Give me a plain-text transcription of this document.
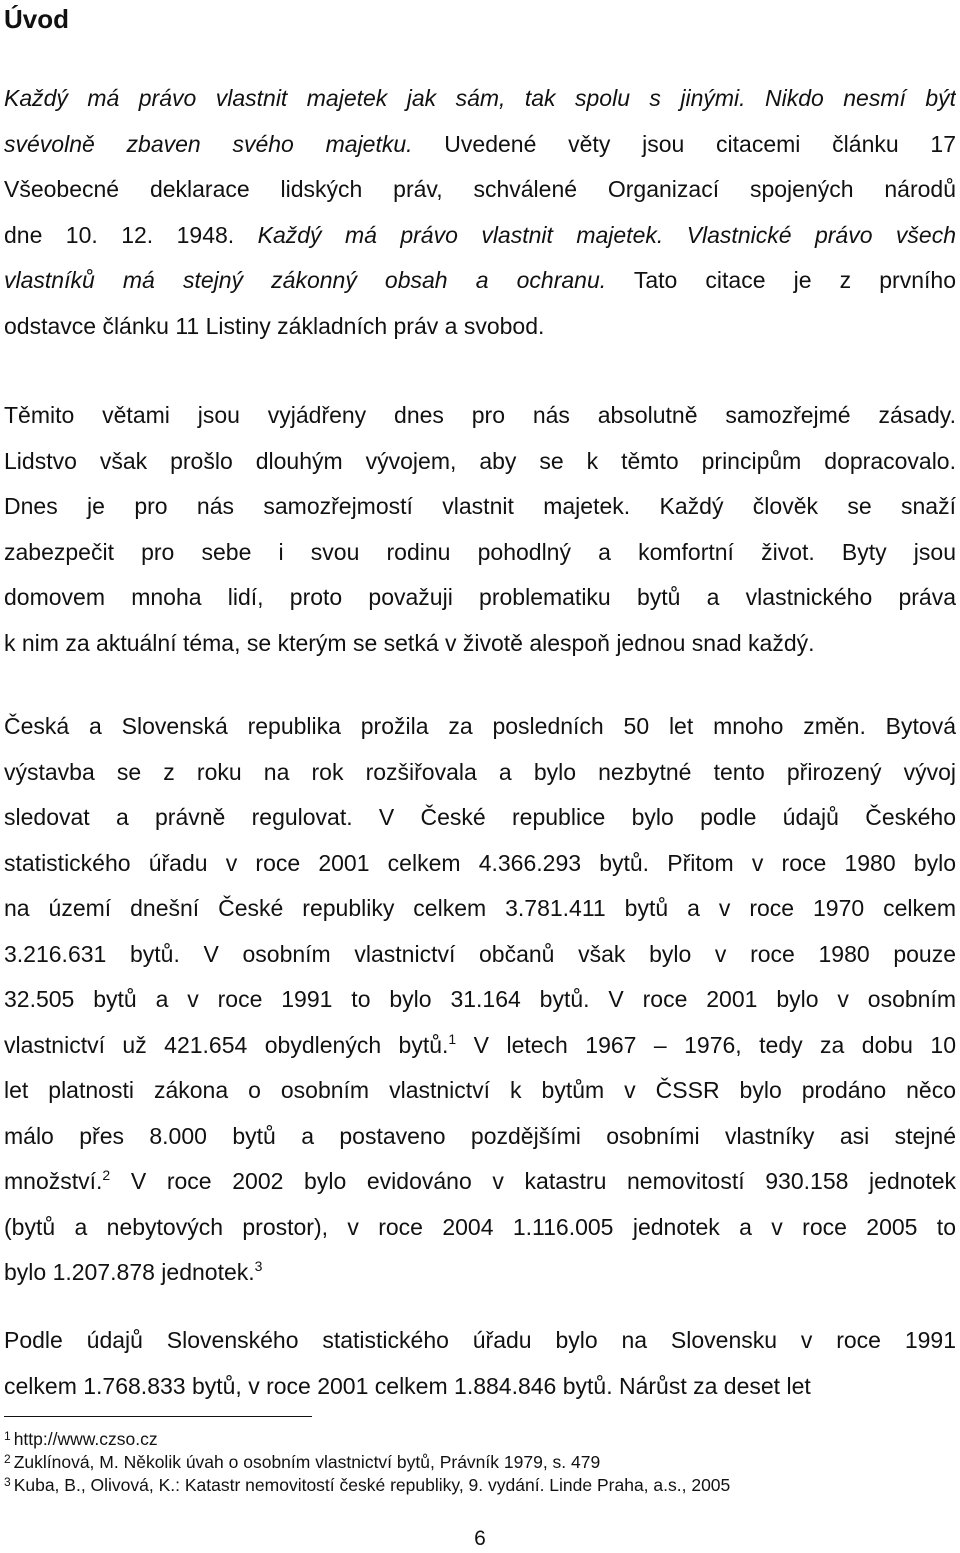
Úvod
Každý má právo vlastnit majetek jak sám, tak spolu s jinými. Nikdo nesmí být
svévolně zbaven svého majetku. Uvedené věty jsou citacemi článku 17
Všeobecné deklarace lidských práv, schválené Organizací spojených národů
dne 10. 12. 1948. Každý má právo vlastnit majetek. Vlastnické právo všech
vlastníků má stejný zákonný obsah a ochranu. Tato citace je z prvního
odstavce článku 11 Listiny základních práv a svobod.
Těmito větami jsou vyjádřeny dnes pro nás absolutně samozřejmé zásady.
Lidstvo však prošlo dlouhým vývojem, aby se k těmto principům dopracovalo.
Dnes je pro nás samozřejmostí vlastnit majetek. Každý člověk se snaží
zabezpečit pro sebe i svou rodinu pohodlný a komfortní život. Byty jsou
domovem mnoha lidí, proto považuji problematiku bytů a vlastnického práva
k nim za aktuální téma, se kterým se setká v životě alespoň jednou snad každý.
Česká a Slovenská republika prožila za posledních 50 let mnoho změn. Bytová
výstavba se z roku na rok rozšiřovala a bylo nezbytné tento přirozený vývoj
sledovat a právně regulovat. V České republice bylo podle údajů Českého
statistického úřadu v roce 2001 celkem 4.366.293 bytů. Přitom v roce 1980 bylo
na území dnešní České republiky celkem 3.781.411 bytů a v roce 1970 celkem
3.216.631 bytů. V osobním vlastnictví občanů však bylo v roce 1980 pouze
32.505 bytů a v roce 1991 to bylo 31.164 bytů. V roce 2001 bylo v osobním
vlastnictví už 421.654 obydlených bytů.$^1$ V letech 1967 – 1976, tedy za dobu 10
let platnosti zákona o osobním vlastnictví k bytům v ČSSR bylo prodáno něco
málo přes 8.000 bytů a postaveno pozdějšími osobními vlastníky asi stejné
množství.$^2$ V roce 2002 bylo evidováno v katastru nemovitostí 930.158 jednotek
(bytů a nebytových prostor), v roce 2004 1.116.005 jednotek a v roce 2005 to
bylo 1.207.878 jednotek.$^3$
Podle údajů Slovenského statistického úřadu bylo na Slovensku v roce 1991
celkem 1.768.833 bytů, v roce 2001 celkem 1.884.846 bytů. Nárůst za deset let
$^1$ http://www.czso.cz
$^2$ Zuklínová, M. Několik úvah o osobním vlastnictví bytů, Právník 1979, s. 479
$^3$ Kuba, B., Olivová, K.: Katastr nemovitostí české republiky, 9. vydání. Linde Praha, a.s., 2005
6
